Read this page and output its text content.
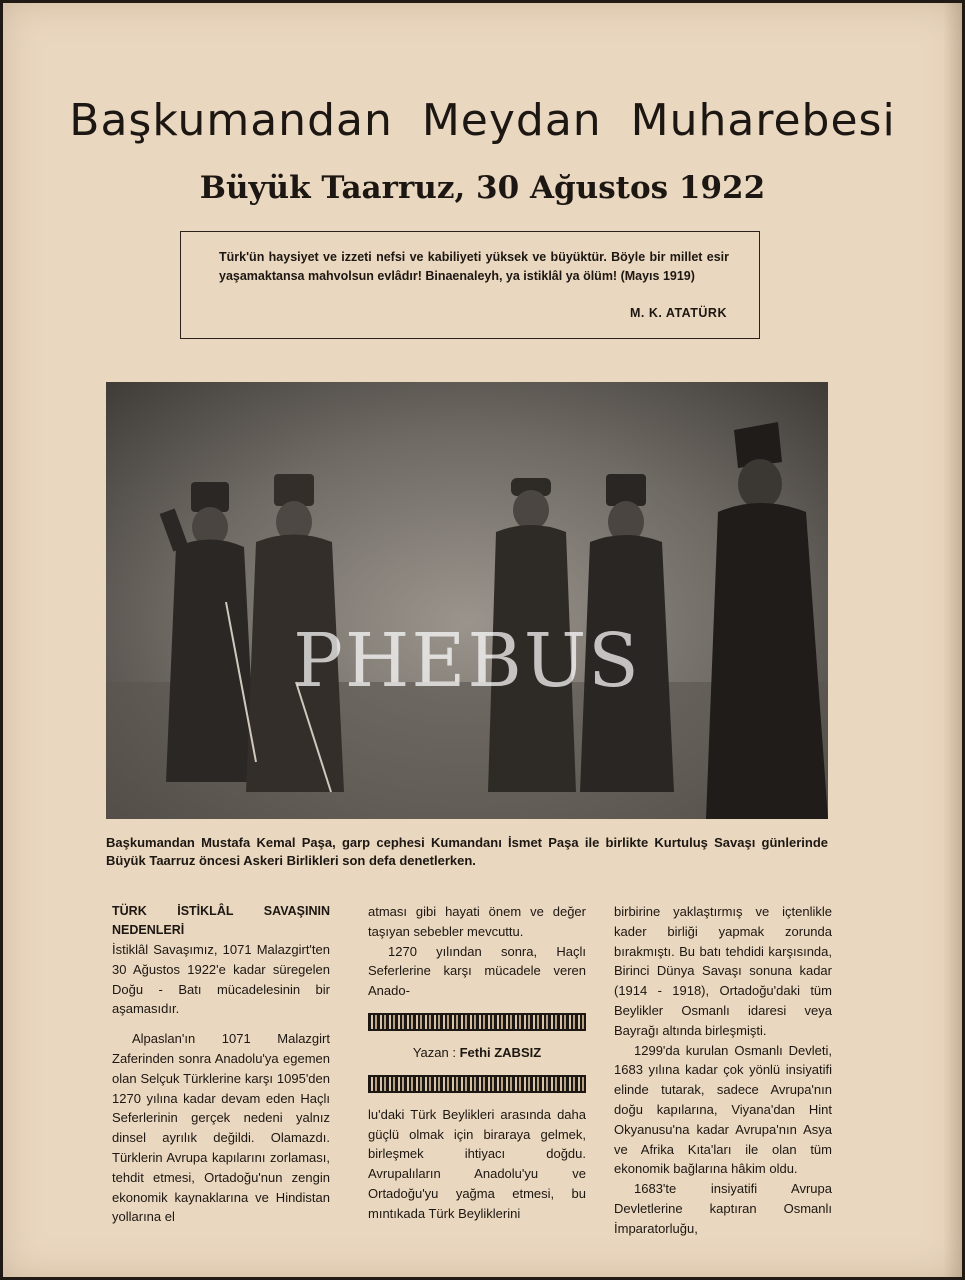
Başkumandan Meydan Muharebesi
Büyük Taarruz, 30 Ağustos 1922

Türk'ün haysiyet ve izzeti nefsi ve kabiliyeti yüksek ve büyüktür. Böyle bir millet esir yaşamaktansa mahvolsun evlâdır! Binaenaleyh, ya istiklâl ya ölüm! (Mayıs 1919)

M. K. ATATÜRK
PHEBUS

Başkumandan Mustafa Kemal Paşa, garp cephesi Kumandanı İsmet Paşa ile birlikte Kurtuluş Savaşı günlerinde Büyük Taarruz öncesi Askeri Birlikleri son defa denetlerken.

TÜRK İSTİKLÂL SAVAŞININ NEDENLERİ

İstiklâl Savaşımız, 1071 Malazgirt'ten 30 Ağustos 1922'e kadar süregelen Doğu - Batı mücadelesinin bir aşamasıdır.

Alpaslan'ın 1071 Malazgirt Zaferinden sonra Anadolu'ya egemen olan Selçuk Türklerine karşı 1095'den 1270 yılına kadar devam eden Haçlı Seferlerinin gerçek nedeni yalnız dinsel ayrılık değildi. Olamazdı. Türklerin Avrupa kapılarını zorlaması, tehdit etmesi, Ortadoğu'nun zengin ekonomik kaynaklarına ve Hindistan yollarına el

atması gibi hayati önem ve değer taşıyan sebebler mevcuttu.

1270 yılından sonra, Haçlı Seferlerine karşı mücadele veren Anado-

Yazan : Fethi ZABSIZ

lu'daki Türk Beylikleri arasında daha güçlü olmak için biraraya gelmek, birleşmek ihtiyacı doğdu. Avrupalıların Anadolu'yu ve Ortadoğu'yu yağma etmesi, bu mıntıkada Türk Beyliklerini

birbirine yaklaştırmış ve içtenlikle kader birliği yapmak zorunda bırakmıştı. Bu batı tehdidi karşısında, Birinci Dünya Savaşı sonuna kadar (1914 - 1918), Ortadoğu'daki tüm Beylikler Osmanlı idaresi veya Bayrağı altında birleşmişti.

1299'da kurulan Osmanlı Devleti, 1683 yılına kadar çok yönlü insiyatifi elinde tutarak, sadece Avrupa'nın doğu kapılarına, Viyana'dan Hint Okyanusu'na kadar Avrupa'nın Asya ve Afrika Kıta'ları ile olan tüm ekonomik bağlarına hâkim oldu.

1683'te insiyatifi Avrupa Devletlerine kaptıran Osmanlı İmparatorluğu,
